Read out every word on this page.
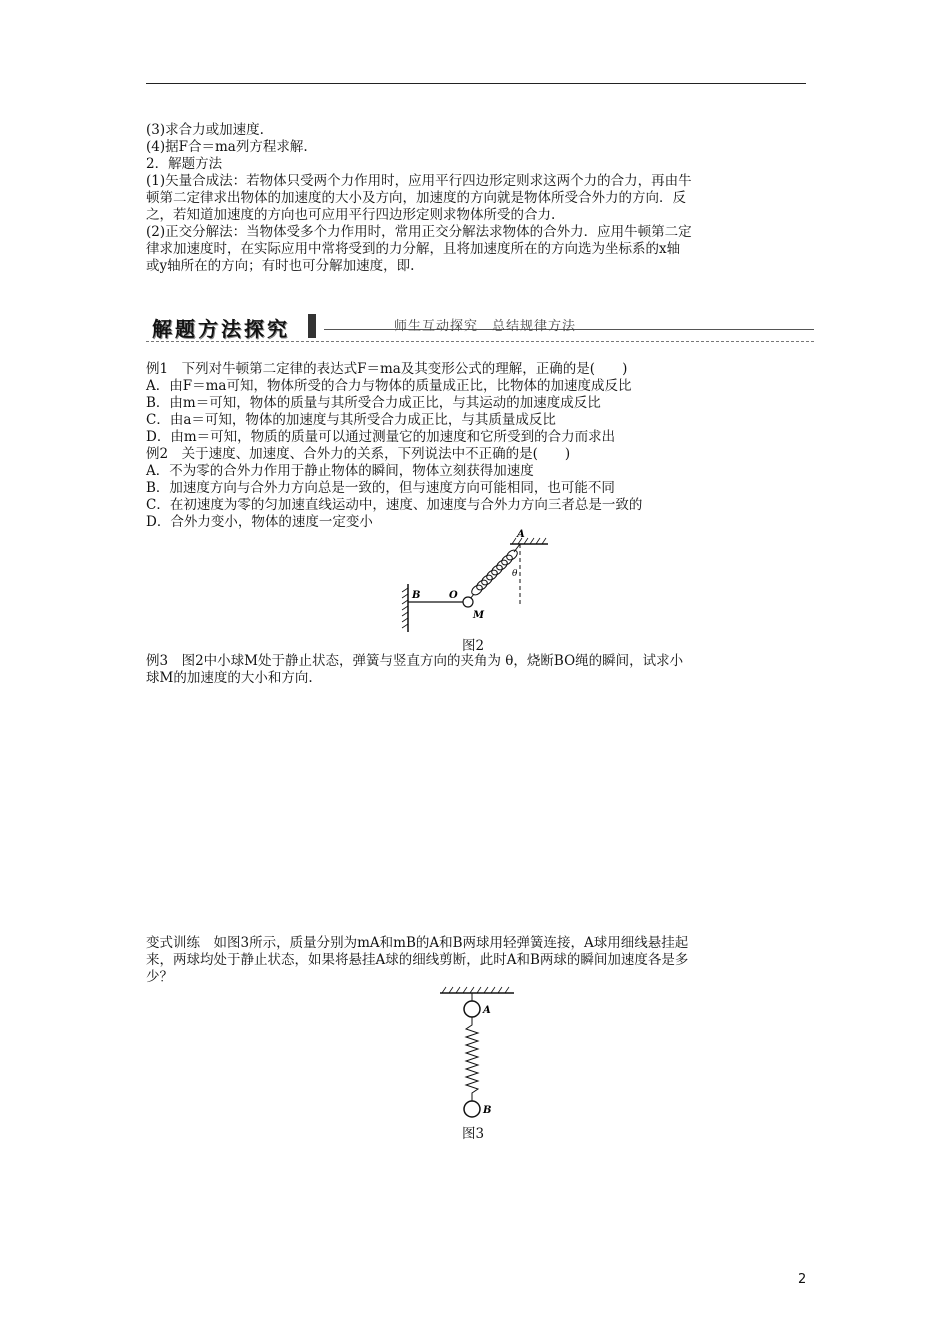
(3)求合力或加速度.

(4)据F合＝ma列方程求解.

2．解题方法

(1)矢量合成法：若物体只受两个力作用时，应用平行四边形定则求这两个力的合力，再由牛

顿第二定律求出物体的加速度的大小及方向，加速度的方向就是物体所受合外力的方向．反

之，若知道加速度的方向也可应用平行四边形定则求物体所受的合力.

(2)正交分解法：当物体受多个力作用时，常用正交分解法求物体的合外力．应用牛顿第二定

律求加速度时，在实际应用中常将受到的力分解，且将加速度所在的方向选为坐标系的x轴

或y轴所在的方向；有时也可分解加速度，即.

解题方法探究	师生互动探究　总结规律方法

例1　下列对牛顿第二定律的表达式F＝ma及其变形公式的理解，正确的是(　　)

A．由F＝ma可知，物体所受的合力与物体的质量成正比，比物体的加速度成反比

B．由m＝可知，物体的质量与其所受合力成正比，与其运动的加速度成反比

C．由a＝可知，物体的加速度与其所受合力成正比，与其质量成反比

D．由m＝可知，物质的质量可以通过测量它的加速度和它所受到的合力而求出

例2　关于速度、加速度、合外力的关系，下列说法中不正确的是(　　)

A．不为零的合外力作用于静止物体的瞬间，物体立刻获得加速度

B．加速度方向与合外力方向总是一致的，但与速度方向可能相同，也可能不同

C．在初速度为零的匀加速直线运动中，速度、加速度与合外力方向三者总是一致的

D．合外力变小，物体的速度一定变小

A
θ
B	O
M
图2

例3　图2中小球M处于静止状态，弹簧与竖直方向的夹角为 θ，烧断BO绳的瞬间，试求小

球M的加速度的大小和方向.

变式训练　如图3所示，质量分别为mA和mB的A和B两球用轻弹簧连接，A球用细线悬挂起

来，两球均处于静止状态，如果将悬挂A球的细线剪断，此时A和B两球的瞬间加速度各是多

少？

A
B
图3
2
